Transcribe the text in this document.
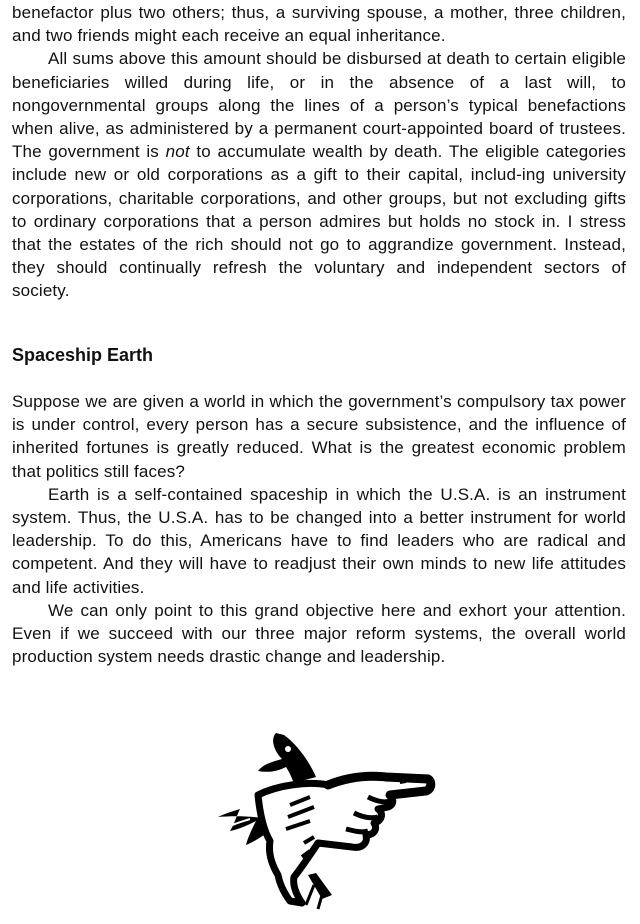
benefactor plus two others; thus, a surviving spouse, a mother, three children, and two friends might each receive an equal inheritance.

All sums above this amount should be disbursed at death to certain eligible beneficiaries willed during life, or in the absence of a last will, to nongovernmental groups along the lines of a person’s typical benefactions when alive, as administered by a permanent court-appointed board of trustees. The government is not to accumulate wealth by death. The eligible categories include new or old corporations as a gift to their capital, includ-ing university corporations, charitable corporations, and other groups, but not excluding gifts to ordinary corporations that a person admires but holds no stock in. I stress that the estates of the rich should not go to aggrandize government. Instead, they should continually refresh the voluntary and independent sectors of society.

Spaceship Earth

Suppose we are given a world in which the government’s compulsory tax power is under control, every person has a secure subsistence, and the influence of inherited fortunes is greatly reduced. What is the greatest economic problem that politics still faces?

Earth is a self-contained spaceship in which the U.S.A. is an instrument system. Thus, the U.S.A. has to be changed into a better instrument for world leadership. To do this, Americans have to find leaders who are radical and competent. And they will have to readjust their own minds to new life attitudes and life activities.

We can only point to this grand objective here and exhort your attention. Even if we succeed with our three major reform systems, the overall world production system needs drastic change and leadership.
